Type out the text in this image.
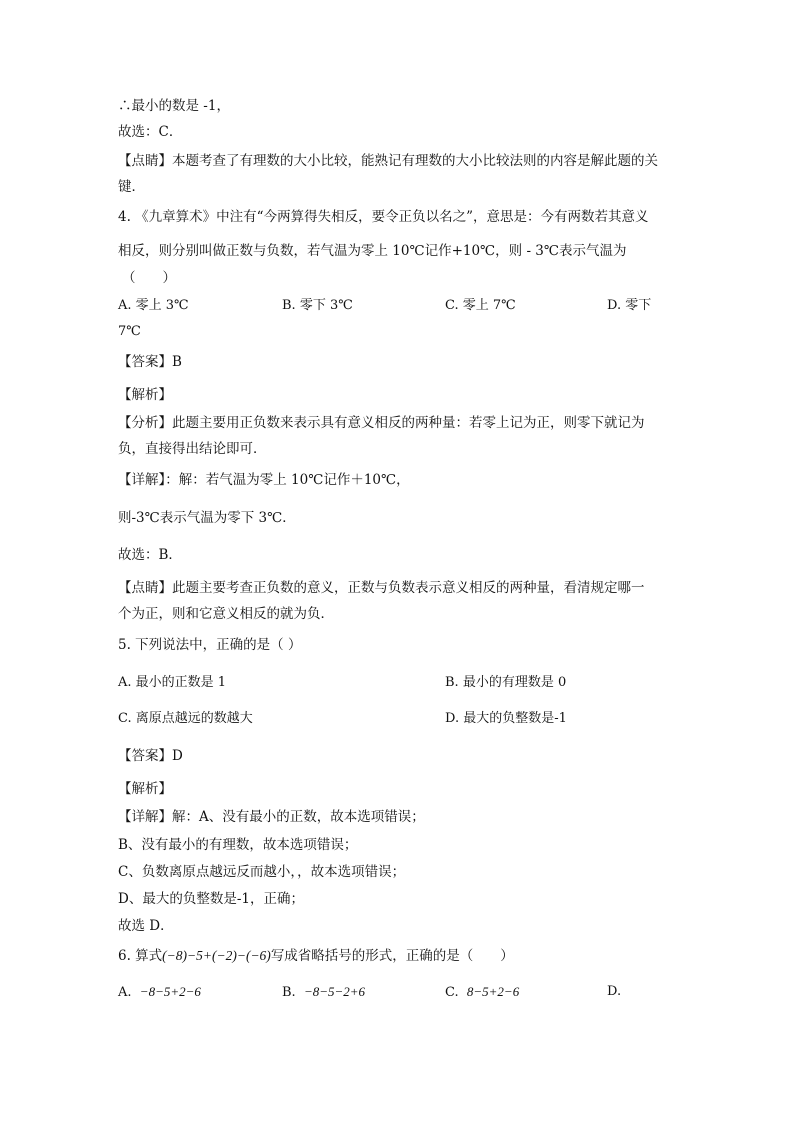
∴最小的数是 -1，
故选：C．
【点睛】本题考查了有理数的大小比较，能熟记有理数的大小比较法则的内容是解此题的关
键．
4. 《九章算术》中注有“今两算得失相反，要令正负以名之”，意思是：今有两数若其意义
相反，则分别叫做正数与负数，若气温为零上 10℃记作+10℃，则 - 3℃表示气温为
（　　）
A. 零上 3℃	B. 零下 3℃	C. 零上 7℃	D. 零下
7℃
【答案】B
【解析】
【分析】此题主要用正负数来表示具有意义相反的两种量：若零上记为正，则零下就记为
负，直接得出结论即可．
【详解】：解：若气温为零上 10℃记作＋10℃，
则-3℃表示气温为零下 3℃．
故选：B．
【点睛】此题主要考查正负数的意义，正数与负数表示意义相反的两种量，看清规定哪一
个为正，则和它意义相反的就为负．
5. 下列说法中，正确的是（ ）
A. 最小的正数是 1	B. 最小的有理数是 0
C. 离原点越远的数越大	D. 最大的负整数是-1
【答案】D
【解析】
【详解】解：A、没有最小的正数，故本选项错误；
B、没有最小的有理数，故本选项错误；
C、负数离原点越远反而越小，，故本选项错误；
D、最大的负整数是-1，正确；
故选 D．
6. 算式(−8)−5+(−2)−(−6)写成省略括号的形式，正确的是（　　）
A. −8−5+2−6	B. −8−5−2+6	C. 8−5+2−6	D.
